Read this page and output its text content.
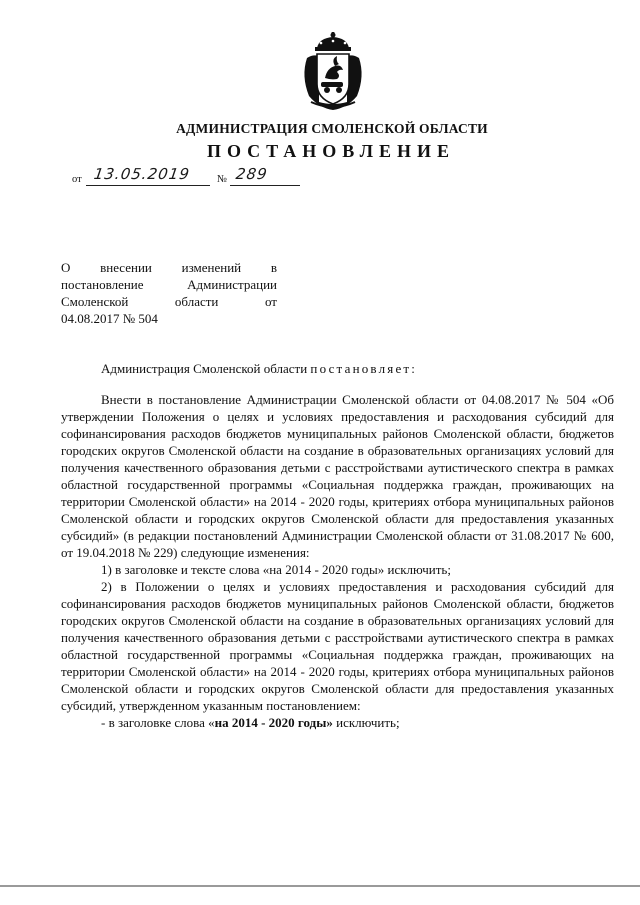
АДМИНИСТРАЦИЯ СМОЛЕНСКОЙ ОБЛАСТИ
ПОСТАНОВЛЕНИЕ
от 13.05.2019 № 289
О внесении изменений в
постановление Администрации
Смоленской области от
04.08.2017 № 504

Администрация Смоленской области постановляет:

Внести в постановление Администрации Смоленской области от 04.08.2017 № 504 «Об утверждении Положения о целях и условиях предоставления и расходования субсидий для софинансирования расходов бюджетов муниципальных районов Смоленской области, бюджетов городских округов Смоленской области на создание в образовательных организациях условий для получения качественного образования детьми с расстройствами аутистического спектра в рамках областной государственной программы «Социальная поддержка граждан, проживающих на территории Смоленской области» на 2014 - 2020 годы, критериях отбора муниципальных районов Смоленской области и городских округов Смоленской области для предоставления указанных субсидий» (в редакции постановлений Администрации Смоленской области от 31.08.2017 № 600, от 19.04.2018 № 229) следующие изменения:

1) в заголовке и тексте слова «на 2014 - 2020 годы» исключить;

2) в Положении о целях и условиях предоставления и расходования субсидий для софинансирования расходов бюджетов муниципальных районов Смоленской области, бюджетов городских округов Смоленской области на создание в образовательных организациях условий для получения качественного образования детьми с расстройствами аутистического спектра в рамках областной государственной программы «Социальная поддержка граждан, проживающих на территории Смоленской области» на 2014 - 2020 годы, критериях отбора муниципальных районов Смоленской области и городских округов Смоленской области для предоставления указанных субсидий, утвержденном указанным постановлением:

- в заголовке слова «на 2014 - 2020 годы» исключить;
